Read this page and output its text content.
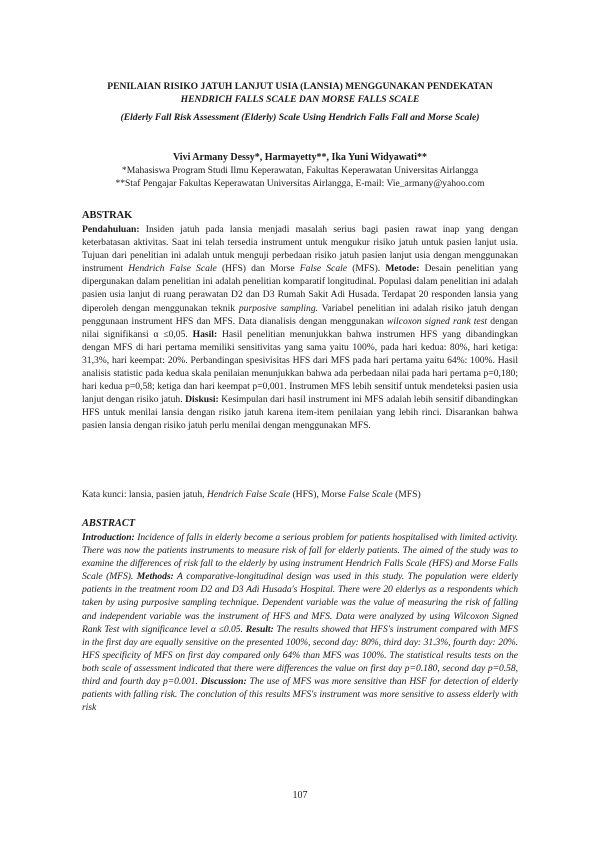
PENILAIAN RISIKO JATUH LANJUT USIA (LANSIA) MENGGUNAKAN PENDEKATAN
HENDRICH FALLS SCALE DAN MORSE FALLS SCALE
(Elderly Fall Risk Assessment (Elderly) Scale Using Hendrich Falls Fall and Morse Scale)
Vivi Armany Dessy*, Harmayetty**, Ika Yuni Widyawati**
*Mahasiswa Program Studi Ilmu Keperawatan, Fakultas Keperawatan Universitas Airlangga
**Staf Pengajar Fakultas Keperawatan Universitas Airlangga, E-mail: Vie_armany@yahoo.com
ABSTRAK

Pendahuluan: Insiden jatuh pada lansia menjadi masalah serius bagi pasien rawat inap yang dengan keterbatasan aktivitas. Saat ini telah tersedia instrument untuk mengukur risiko jatuh untuk pasien lanjut usia. Tujuan dari penelitian ini adalah untuk menguji perbedaan risiko jatuh pasien lanjut usia dengan menggunakan instrument Hendrich False Scale (HFS) dan Morse False Scale (MFS). Metode: Desain penelitian yang dipergunakan dalam penelitian ini adalah penelitian komparatif longitudinal. Populasi dalam penelitian ini adalah pasien usia lanjut di ruang perawatan D2 dan D3 Rumah Sakit Adi Husada. Terdapat 20 responden lansia yang diperoleh dengan menggunakan teknik purposive sampling. Variabel penelitian ini adalah risiko jatuh dengan penggunaan instrument HFS dan MFS. Data dianalisis dengan menggunakan wilcoxon signed rank test dengan nilai signifikansi α ≤0,05. Hasil: Hasil penelitian menunjukkan bahwa instrumen HFS yang dibandingkan dengan MFS di hari pertama memiliki sensitivitas yang sama yaitu 100%, pada hari kedua: 80%, hari ketiga: 31,3%, hari keempat: 20%. Perbandingan spesivisitas HFS dari MFS pada hari pertama yaitu 64%: 100%. Hasil analisis statistic pada kedua skala penilaian menunjukkan bahwa ada perbedaan nilai pada hari pertama p=0,180; hari kedua p=0,58; ketiga dan hari keempat p=0,001. Instrumen MFS lebih sensitif untuk mendeteksi pasien usia lanjut dengan risiko jatuh. Diskusi: Kesimpulan dari hasil instrument ini MFS adalah lebih sensitif dibandingkan HFS untuk menilai lansia dengan risiko jatuh karena item-item penilaian yang lebih rinci. Disarankan bahwa pasien lansia dengan risiko jatuh perlu menilai dengan menggunakan MFS.

Kata kunci: lansia, pasien jatuh, Hendrich False Scale (HFS), Morse False Scale (MFS)

ABSTRACT

Introduction: Incidence of falls in elderly become a serious problem for patients hospitalised with limited activity. There was now the patients instruments to measure risk of fall for elderly patients. The aimed of the study was to examine the differences of risk fall to the elderly by using instrument Hendrich Falls Scale (HFS) and Morse Falls Scale (MFS). Methods: A comparative-longitudinal design was used in this study. The population were elderly patients in the treatment room D2 and D3 Adi Husada's Hospital. There were 20 elderlys as a respondents which taken by using purposive sampling technique. Dependent variable was the value of measuring the risk of falling and independent variable was the instrument of HFS and MFS. Data were analyzed by using Wilcoxon Signed Rank Test with significance level α ≤0.05. Result: The results showed that HFS's instrument compared with MFS in the first day are equally sensitive on the presented 100%, second day: 80%, third day: 31.3%, fourth day: 20%. HFS specificity of MFS on first day compared only 64% than MFS was 100%. The statistical results tests on the both scale of assessment indicated that there were differences the value on first day p=0.180, second day p=0.58, third and fourth day p=0.001. Discussion: The use of MFS was more sensitive than HSF for detection of elderly patients with falling risk. The conclution of this results MFS's instrument was more sensitive to assess elderly with risk

107
